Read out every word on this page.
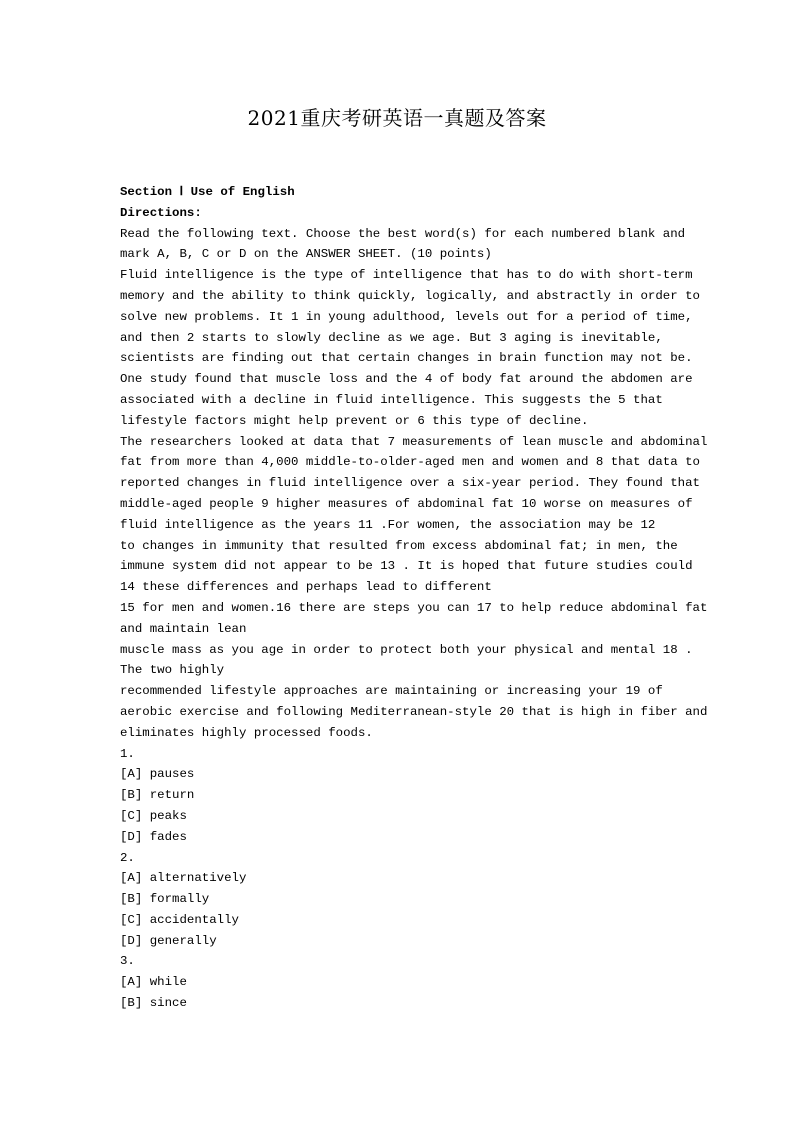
2021重庆考研英语一真题及答案
Section Ⅰ Use of English
Directions:
Read the following text. Choose the best word(s) for each numbered blank and
mark A, B, C or D on the ANSWER SHEET. (10 points)
Fluid intelligence is the type of intelligence that has to do with short-term
memory and the ability to think quickly, logically, and abstractly in order to
solve new problems. It 1 in young adulthood, levels out for a period of time,
and then 2 starts to slowly decline as we age. But 3 aging is inevitable,
scientists are finding out that certain changes in brain function may not be.
One study found that muscle loss and the 4 of body fat around the abdomen are
associated with a decline in fluid intelligence. This suggests the 5 that
lifestyle factors might help prevent or 6 this type of decline.
The researchers looked at data that 7 measurements of lean muscle and abdominal
fat from more than 4,000 middle-to-older-aged men and women and 8 that data to
reported changes in fluid intelligence over a six-year period. They found that
middle-aged people 9 higher measures of abdominal fat 10 worse on measures of
fluid intelligence as the years 11 .For women, the association may be 12
to changes in immunity that resulted from excess abdominal fat; in men, the
immune system did not appear to be 13 . It is hoped that future studies could
14 these differences and perhaps lead to different
15 for men and women.16 there are steps you can 17 to help reduce abdominal fat
and maintain lean
muscle mass as you age in order to protect both your physical and mental 18 .
The two highly
recommended lifestyle approaches are maintaining or increasing your 19 of
aerobic exercise and following Mediterranean-style 20 that is high in fiber and
eliminates highly processed foods.
1.
[A] pauses
[B] return
[C] peaks
[D] fades
2.
[A] alternatively
[B] formally
[C] accidentally
[D] generally
3.
[A] while
[B] since
